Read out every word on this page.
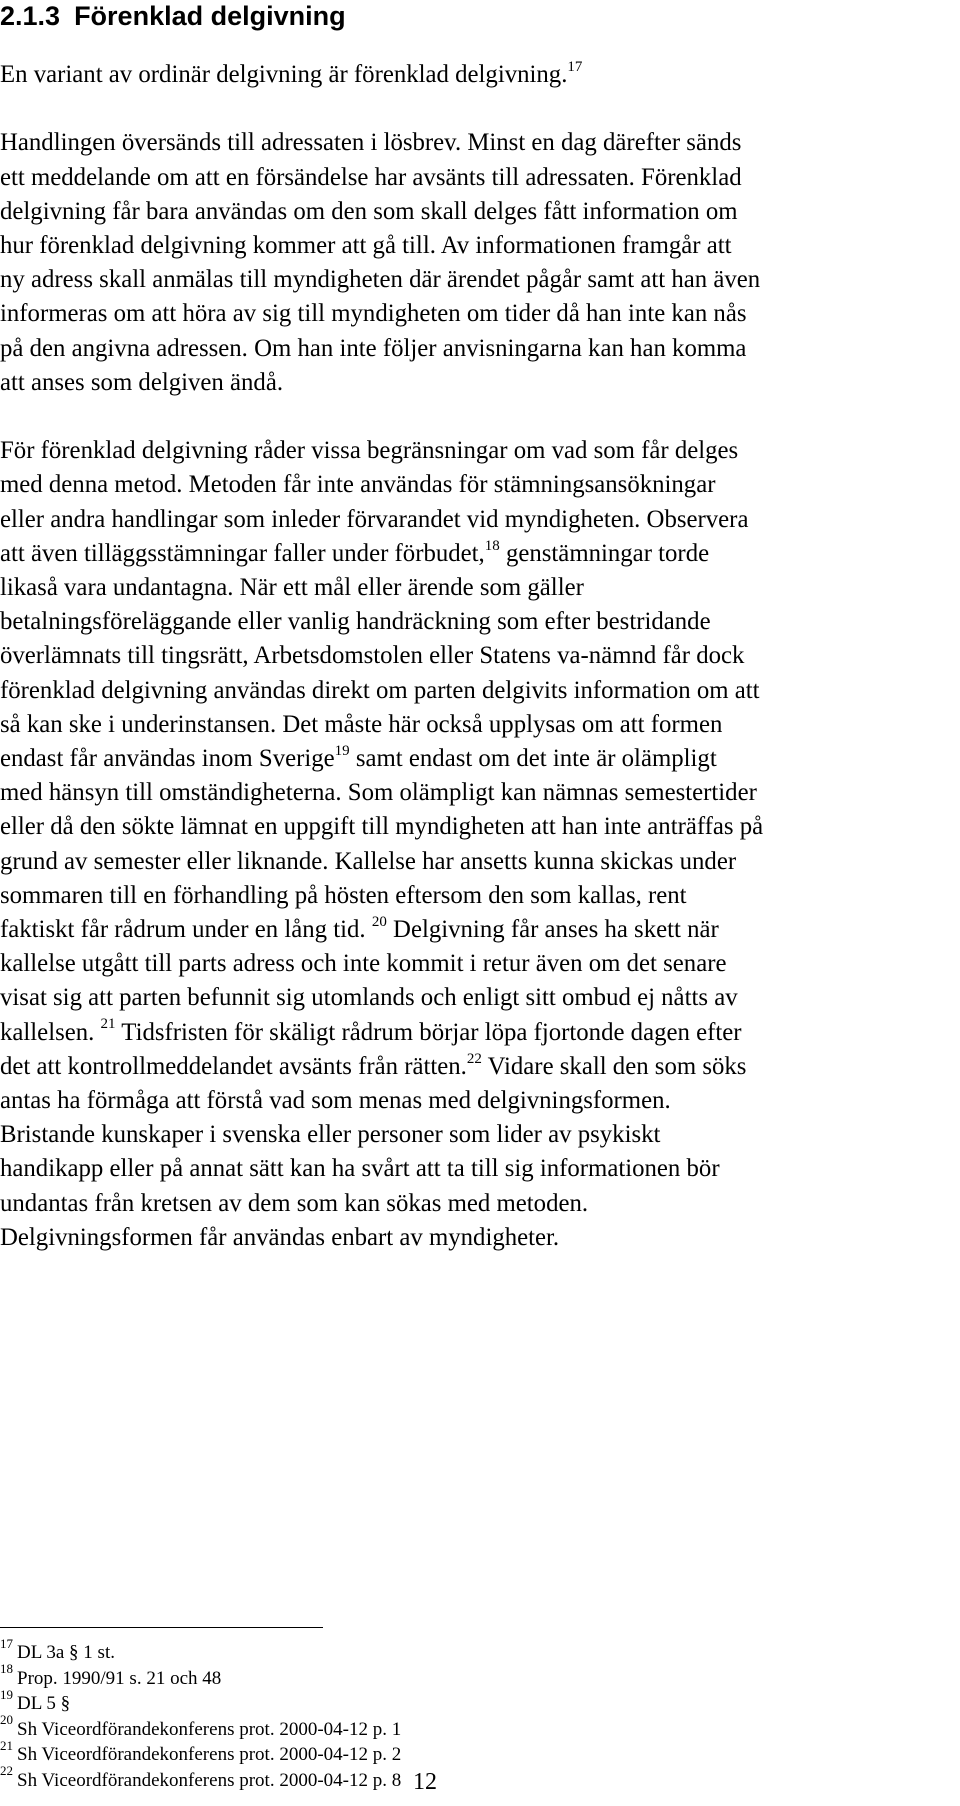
2.1.3 Förenklad delgivning

En variant av ordinär delgivning är förenklad delgivning.$^{17}$

Handlingen översänds till adressaten i lösbrev. Minst en dag därefter sänds
ett meddelande om att en försändelse har avsänts till adressaten. Förenklad
delgivning får bara användas om den som skall delges fått information om
hur förenklad delgivning kommer att gå till. Av informationen framgår att
ny adress skall anmälas till myndigheten där ärendet pågår samt att han även
informeras om att höra av sig till myndigheten om tider då han inte kan nås
på den angivna adressen. Om han inte följer anvisningarna kan han komma
att anses som delgiven ändå.

För förenklad delgivning råder vissa begränsningar om vad som får delges
med denna metod. Metoden får inte användas för stämningsansökningar
eller andra handlingar som inleder förvarandet vid myndigheten. Observera
att även tilläggsstämningar faller under förbudet,$^{18}$ genstämningar torde
likaså vara undantagna. När ett mål eller ärende som gäller
betalningsföreläggande eller vanlig handräckning som efter bestridande
överlämnats till tingsrätt, Arbetsdomstolen eller Statens va-nämnd får dock
förenklad delgivning användas direkt om parten delgivits information om att
så kan ske i underinstansen. Det måste här också upplysas om att formen
endast får användas inom Sverige$^{19}$ samt endast om det inte är olämpligt
med hänsyn till omständigheterna. Som olämpligt kan nämnas semestertider
eller då den sökte lämnat en uppgift till myndigheten att han inte anträffas på
grund av semester eller liknande. Kallelse har ansetts kunna skickas under
sommaren till en förhandling på hösten eftersom den som kallas, rent
faktiskt får rådrum under en lång tid. $^{20}$ Delgivning får anses ha skett när
kallelse utgått till parts adress och inte kommit i retur även om det senare
visat sig att parten befunnit sig utomlands och enligt sitt ombud ej nåtts av
kallelsen. $^{21}$ Tidsfristen för skäligt rådrum börjar löpa fjortonde dagen efter
det att kontrollmeddelandet avsänts från rätten.$^{22}$ Vidare skall den som söks
antas ha förmåga att förstå vad som menas med delgivningsformen.
Bristande kunskaper i svenska eller personer som lider av psykiskt
handikapp eller på annat sätt kan ha svårt att ta till sig informationen bör
undantas från kretsen av dem som kan sökas med metoden.
Delgivningsformen får användas enbart av myndigheter.

$^{17}$ DL 3a § 1 st.
$^{18}$ Prop. 1990/91 s. 21 och 48
$^{19}$ DL 5 §
$^{20}$ Sh Viceordförandekonferens prot. 2000-04-12 p. 1
$^{21}$ Sh Viceordförandekonferens prot. 2000-04-12 p. 2
$^{22}$ Sh Viceordförandekonferens prot. 2000-04-12 p. 8 12
